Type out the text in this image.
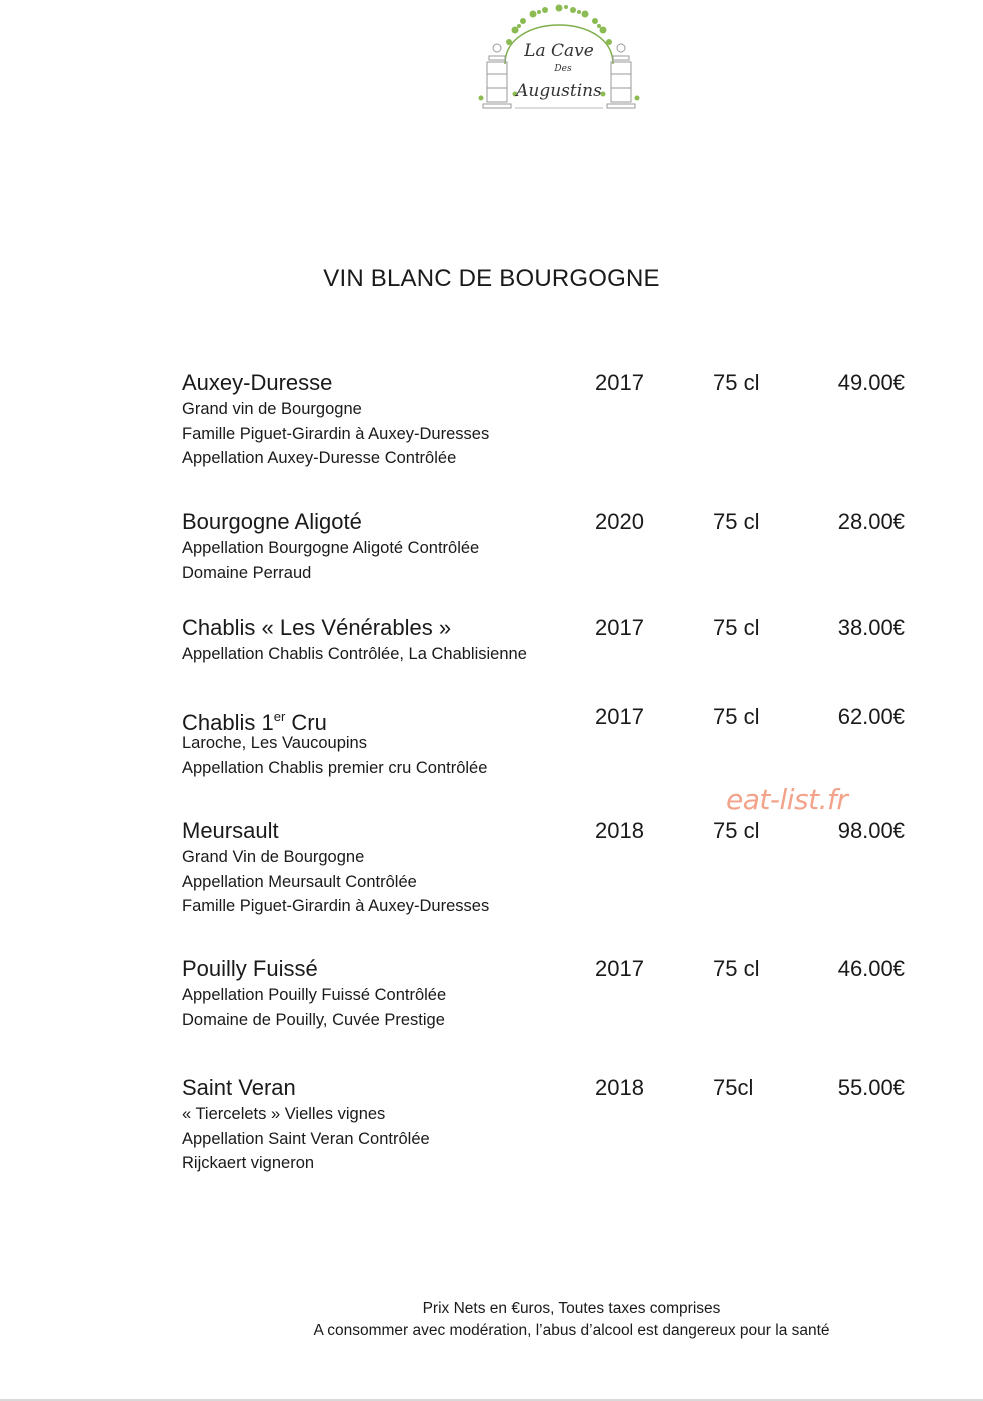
La Cave
Des
Augustins
VIN BLANC DE BOURGOGNE
Auxey-Duresse	2017	75 cl	49.00€
Grand vin de Bourgogne
Famille Piguet-Girardin à Auxey-Duresses
Appellation Auxey-Duresse Contrôlée
Bourgogne Aligoté	2020	75 cl	28.00€
Appellation Bourgogne Aligoté Contrôlée
Domaine Perraud
Chablis « Les Vénérables »	2017	75 cl	38.00€
Appellation Chablis Contrôlée, La Chablisienne
Chablis 1er Cru	2017	75 cl	62.00€
Laroche, Les Vaucoupins
Appellation Chablis premier cru Contrôlée
Meursault	2018	75 cl	98.00€
Grand Vin de Bourgogne
Appellation Meursault Contrôlée
Famille Piguet-Girardin à Auxey-Duresses
Pouilly Fuissé	2017	75 cl	46.00€
Appellation Pouilly Fuissé Contrôlée
Domaine de Pouilly, Cuvée Prestige
Saint Veran	2018	75cl	55.00€
« Tiercelets » Vielles vignes
Appellation Saint Veran Contrôlée
Rijckaert vigneron
eat-list.fr
Prix Nets en €uros, Toutes taxes comprises
A consommer avec modération, l’abus d’alcool est dangereux pour la santé
